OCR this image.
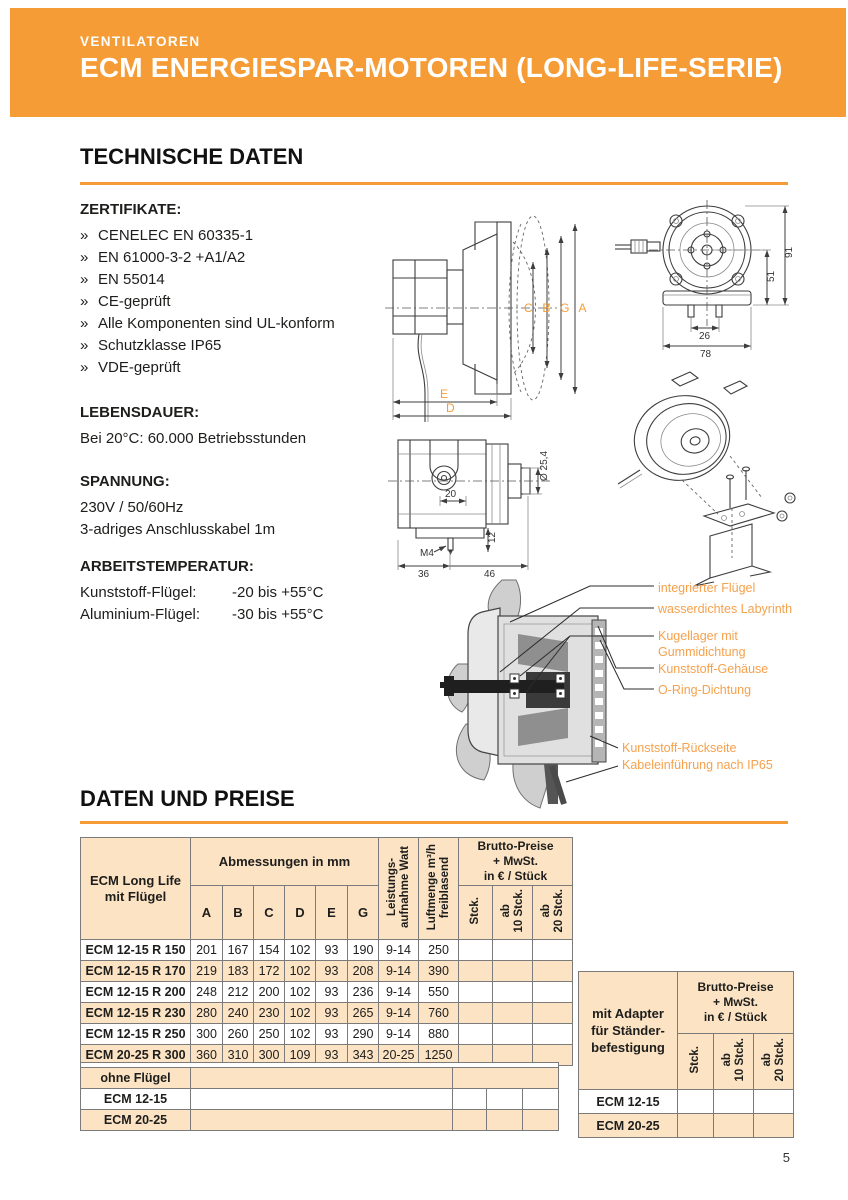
VENTILATOREN
ECM ENERGIESPAR-MOTOREN (LONG-LIFE-SERIE)
TECHNISCHE DATEN
ZERTIFIKATE:
» CENELEC EN 60335-1
» EN 61000-3-2 +A1/A2
» EN 55014
» CE-geprüft
» Alle Komponenten sind UL-konform
» Schutzklasse IP65
» VDE-geprüft
LEBENSDAUER:
Bei 20°C: 60.000 Betriebsstunden
SPANNUNG:
230V / 50/60Hz
3-adriges Anschlusskabel 1m
ARBEITSTEMPERATUR:
Kunststoff-Flügel:	-20 bis +55°C
Aluminium-Flügel:	-30 bis +55°C
C B G A
E
D
91
51
26
78
20
Ø 25,4
M4
12
36	46
integrierter Flügel
wasserdichtes Labyrinth
Kugellager mit Gummidichtung
Kunststoff-Gehäuse
O-Ring-Dichtung
Kunststoff-Rückseite
Kabeleinführung nach IP65
DATEN UND PREISE
ECM Long Life mit Flügel	Abmessungen in mm						Leistungs- aufnahme Watt	Luftmenge m³/h freiblasend	Brutto-Preise
+ MwSt.
in € / Stück		

	A	B	C	D	E	G			Stck.	ab 10 Stck.	ab 20 Stck.

ECM 12-15 R 150	201	167	154	102	93	190	9-14	250			
ECM 12-15 R 170	219	183	172	102	93	208	9-14	390			
ECM 12-15 R 200	248	212	200	102	93	236	9-14	550			
ECM 12-15 R 230	280	240	230	102	93	265	9-14	760			
ECM 12-15 R 250	300	260	250	102	93	290	9-14	880			
ECM 20-25 R 300	360	310	300	109	93	343	20-25	1250			

ohne Flügel				
ECM 12-15				
ECM 20-25				
mit Adapter
für Ständer-
befestigung	Brutto-Preise
+ MwSt.
in € / Stück		

	Stck.	ab 10 Stck.	ab 20 Stck.

ECM 12-15			
ECM 20-25			
5
